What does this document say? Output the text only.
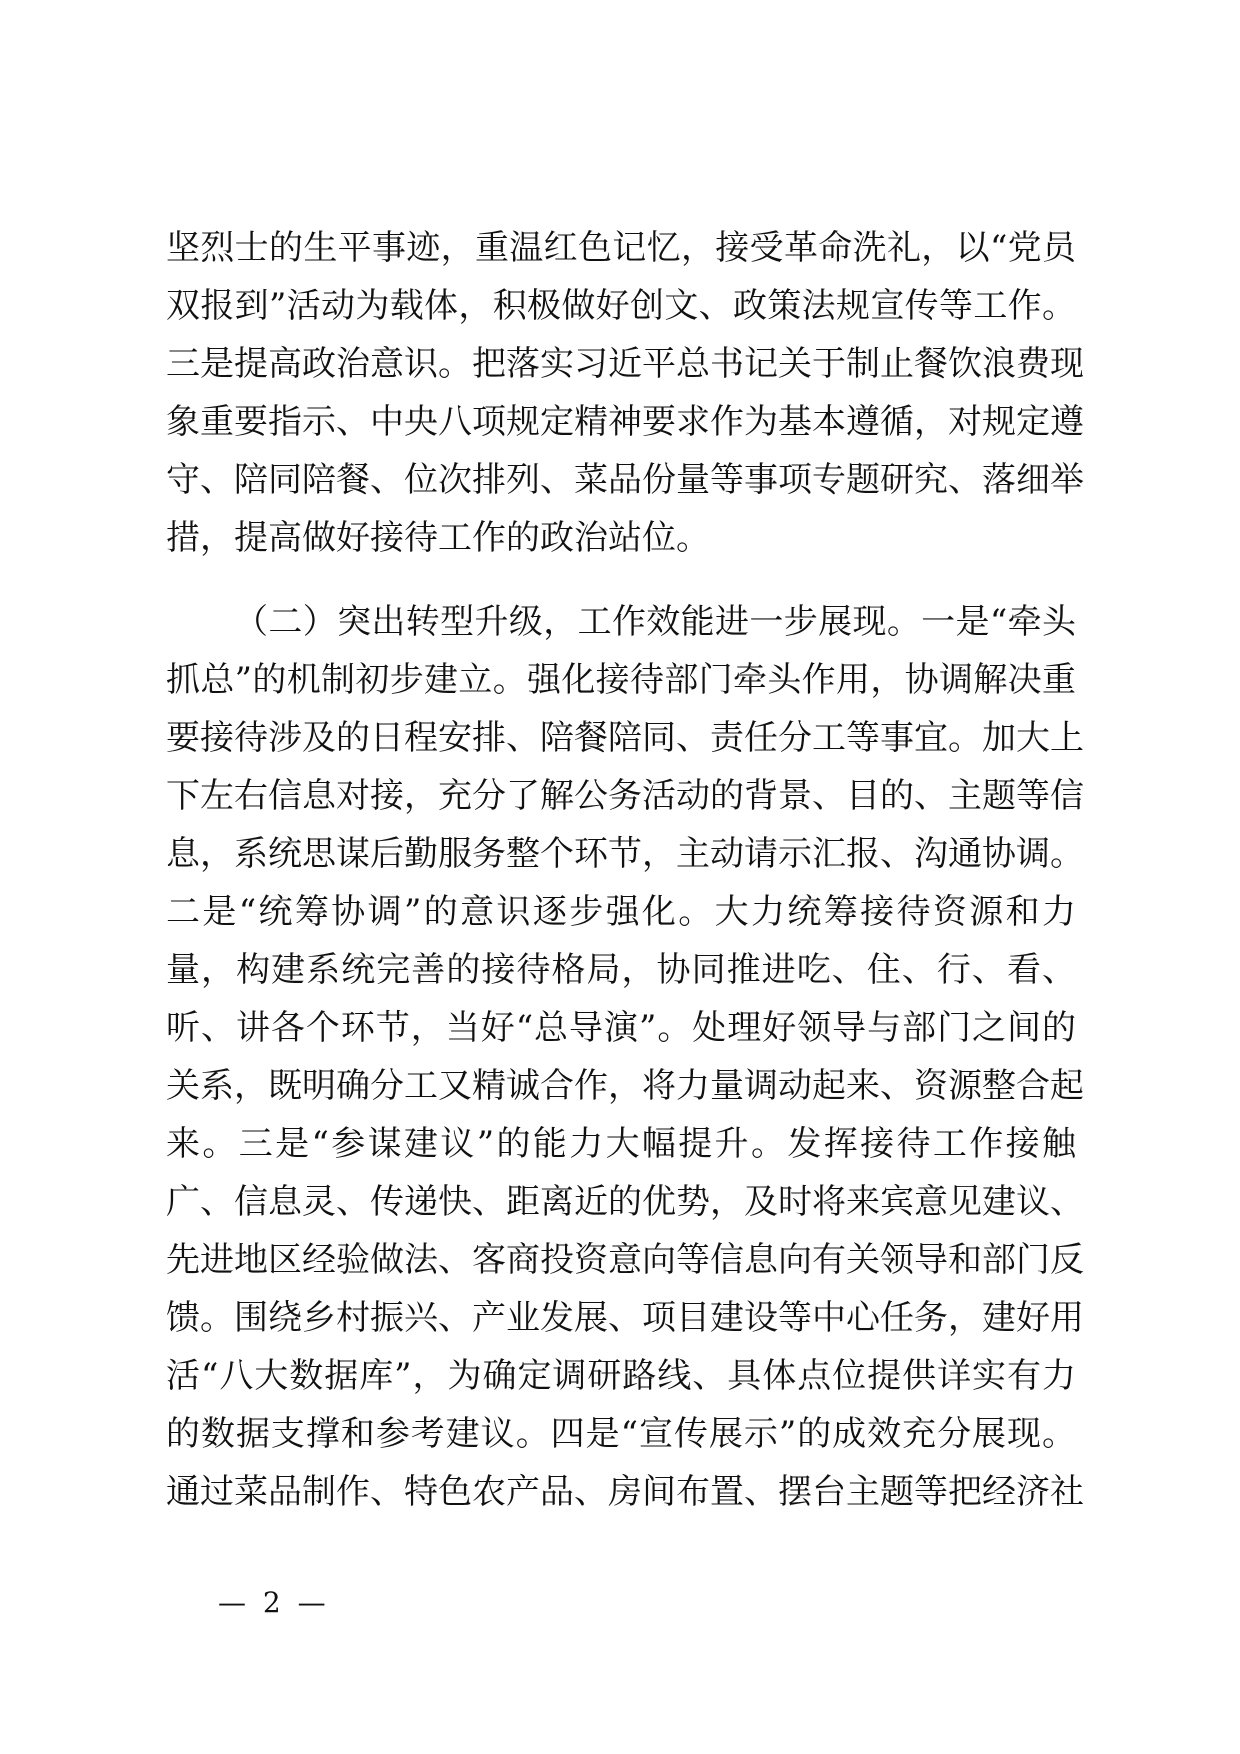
坚烈士的生平事迹，重温红色记忆，接受革命洗礼，以“党员
双报到”活动为载体，积极做好创文、政策法规宣传等工作。
三是提高政治意识。把落实习近平总书记关于制止餐饮浪费现
象重要指示、中央八项规定精神要求作为基本遵循，对规定遵
守、陪同陪餐、位次排列、菜品份量等事项专题研究、落细举
措，提高做好接待工作的政治站位。
（二）突出转型升级，工作效能进一步展现。一是“牵头
抓总”的机制初步建立。强化接待部门牵头作用，协调解决重
要接待涉及的日程安排、陪餐陪同、责任分工等事宜。加大上
下左右信息对接，充分了解公务活动的背景、目的、主题等信
息，系统思谋后勤服务整个环节，主动请示汇报、沟通协调。
二是“统筹协调”的意识逐步强化。大力统筹接待资源和力
量，构建系统完善的接待格局，协同推进吃、住、行、看、
听、讲各个环节，当好“总导演”。处理好领导与部门之间的
关系，既明确分工又精诚合作，将力量调动起来、资源整合起
来。三是“参谋建议”的能力大幅提升。发挥接待工作接触
广、信息灵、传递快、距离近的优势，及时将来宾意见建议、
先进地区经验做法、客商投资意向等信息向有关领导和部门反
馈。围绕乡村振兴、产业发展、项目建设等中心任务，建好用
活“八大数据库”，为确定调研路线、具体点位提供详实有力
的数据支撑和参考建议。四是“宣传展示”的成效充分展现。
通过菜品制作、特色农产品、房间布置、摆台主题等把经济社
— 2 —
